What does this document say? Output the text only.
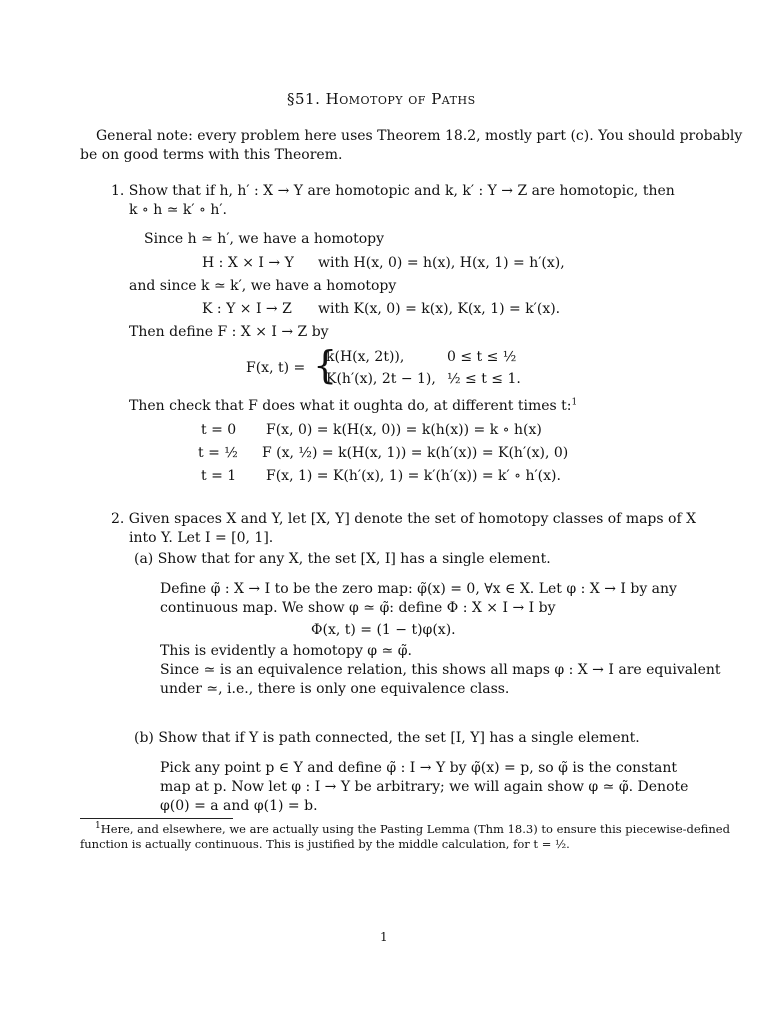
§51. Homotopy of Paths
General note: every problem here uses Theorem 18.2, mostly part (c). You should probably
be on good terms with this Theorem.
1. Show that if h, h′ : X → Y are homotopic and k, k′ : Y → Z are homotopic, then
k ∘ h ≃ k′ ∘ h′.
Since h ≃ h′, we have a homotopy
H : X × I → Y with H(x, 0) = h(x), H(x, 1) = h′(x),
and since k ≃ k′, we have a homotopy
K : Y × I → Z with K(x, 0) = k(x), K(x, 1) = k′(x).
Then define F : X × I → Z by
F(x, t) = {
k(H(x, 2t)),	0 ≤ t ≤ ½
K(h′(x), 2t − 1), ½ ≤ t ≤ 1.
Then check that F does what it oughta do, at different times t:$^1$
t = 0 F(x, 0) = k(H(x, 0)) = k(h(x)) = k ∘ h(x)
t = ½ F (x, ½) = k(H(x, 1)) = k(h′(x)) = K(h′(x), 0)
t = 1 F(x, 1) = K(h′(x), 1) = k′(h′(x)) = k′ ∘ h′(x).
2. Given spaces X and Y, let [X, Y] denote the set of homotopy classes of maps of X
into Y. Let I = [0, 1].
(a) Show that for any X, the set [X, I] has a single element.
Define φ̃ : X → I to be the zero map: φ̃(x) = 0, ∀x ∈ X. Let φ : X → I by any
continuous map. We show φ ≃ φ̃: define Φ : X × I → I by
Φ(x, t) = (1 − t)φ(x).
This is evidently a homotopy φ ≃ φ̃.
Since ≃ is an equivalence relation, this shows all maps φ : X → I are equivalent
under ≃, i.e., there is only one equivalence class.
(b) Show that if Y is path connected, the set [I, Y] has a single element.
Pick any point p ∈ Y and define φ̃ : I → Y by φ̃(x) = p, so φ̃ is the constant
map at p. Now let φ : I → Y be arbitrary; we will again show φ ≃ φ̃. Denote
φ(0) = a and φ(1) = b.
$^1$Here, and elsewhere, we are actually using the Pasting Lemma (Thm 18.3) to ensure this piecewise-defined
function is actually continuous. This is justified by the middle calculation, for t = ½.
1
